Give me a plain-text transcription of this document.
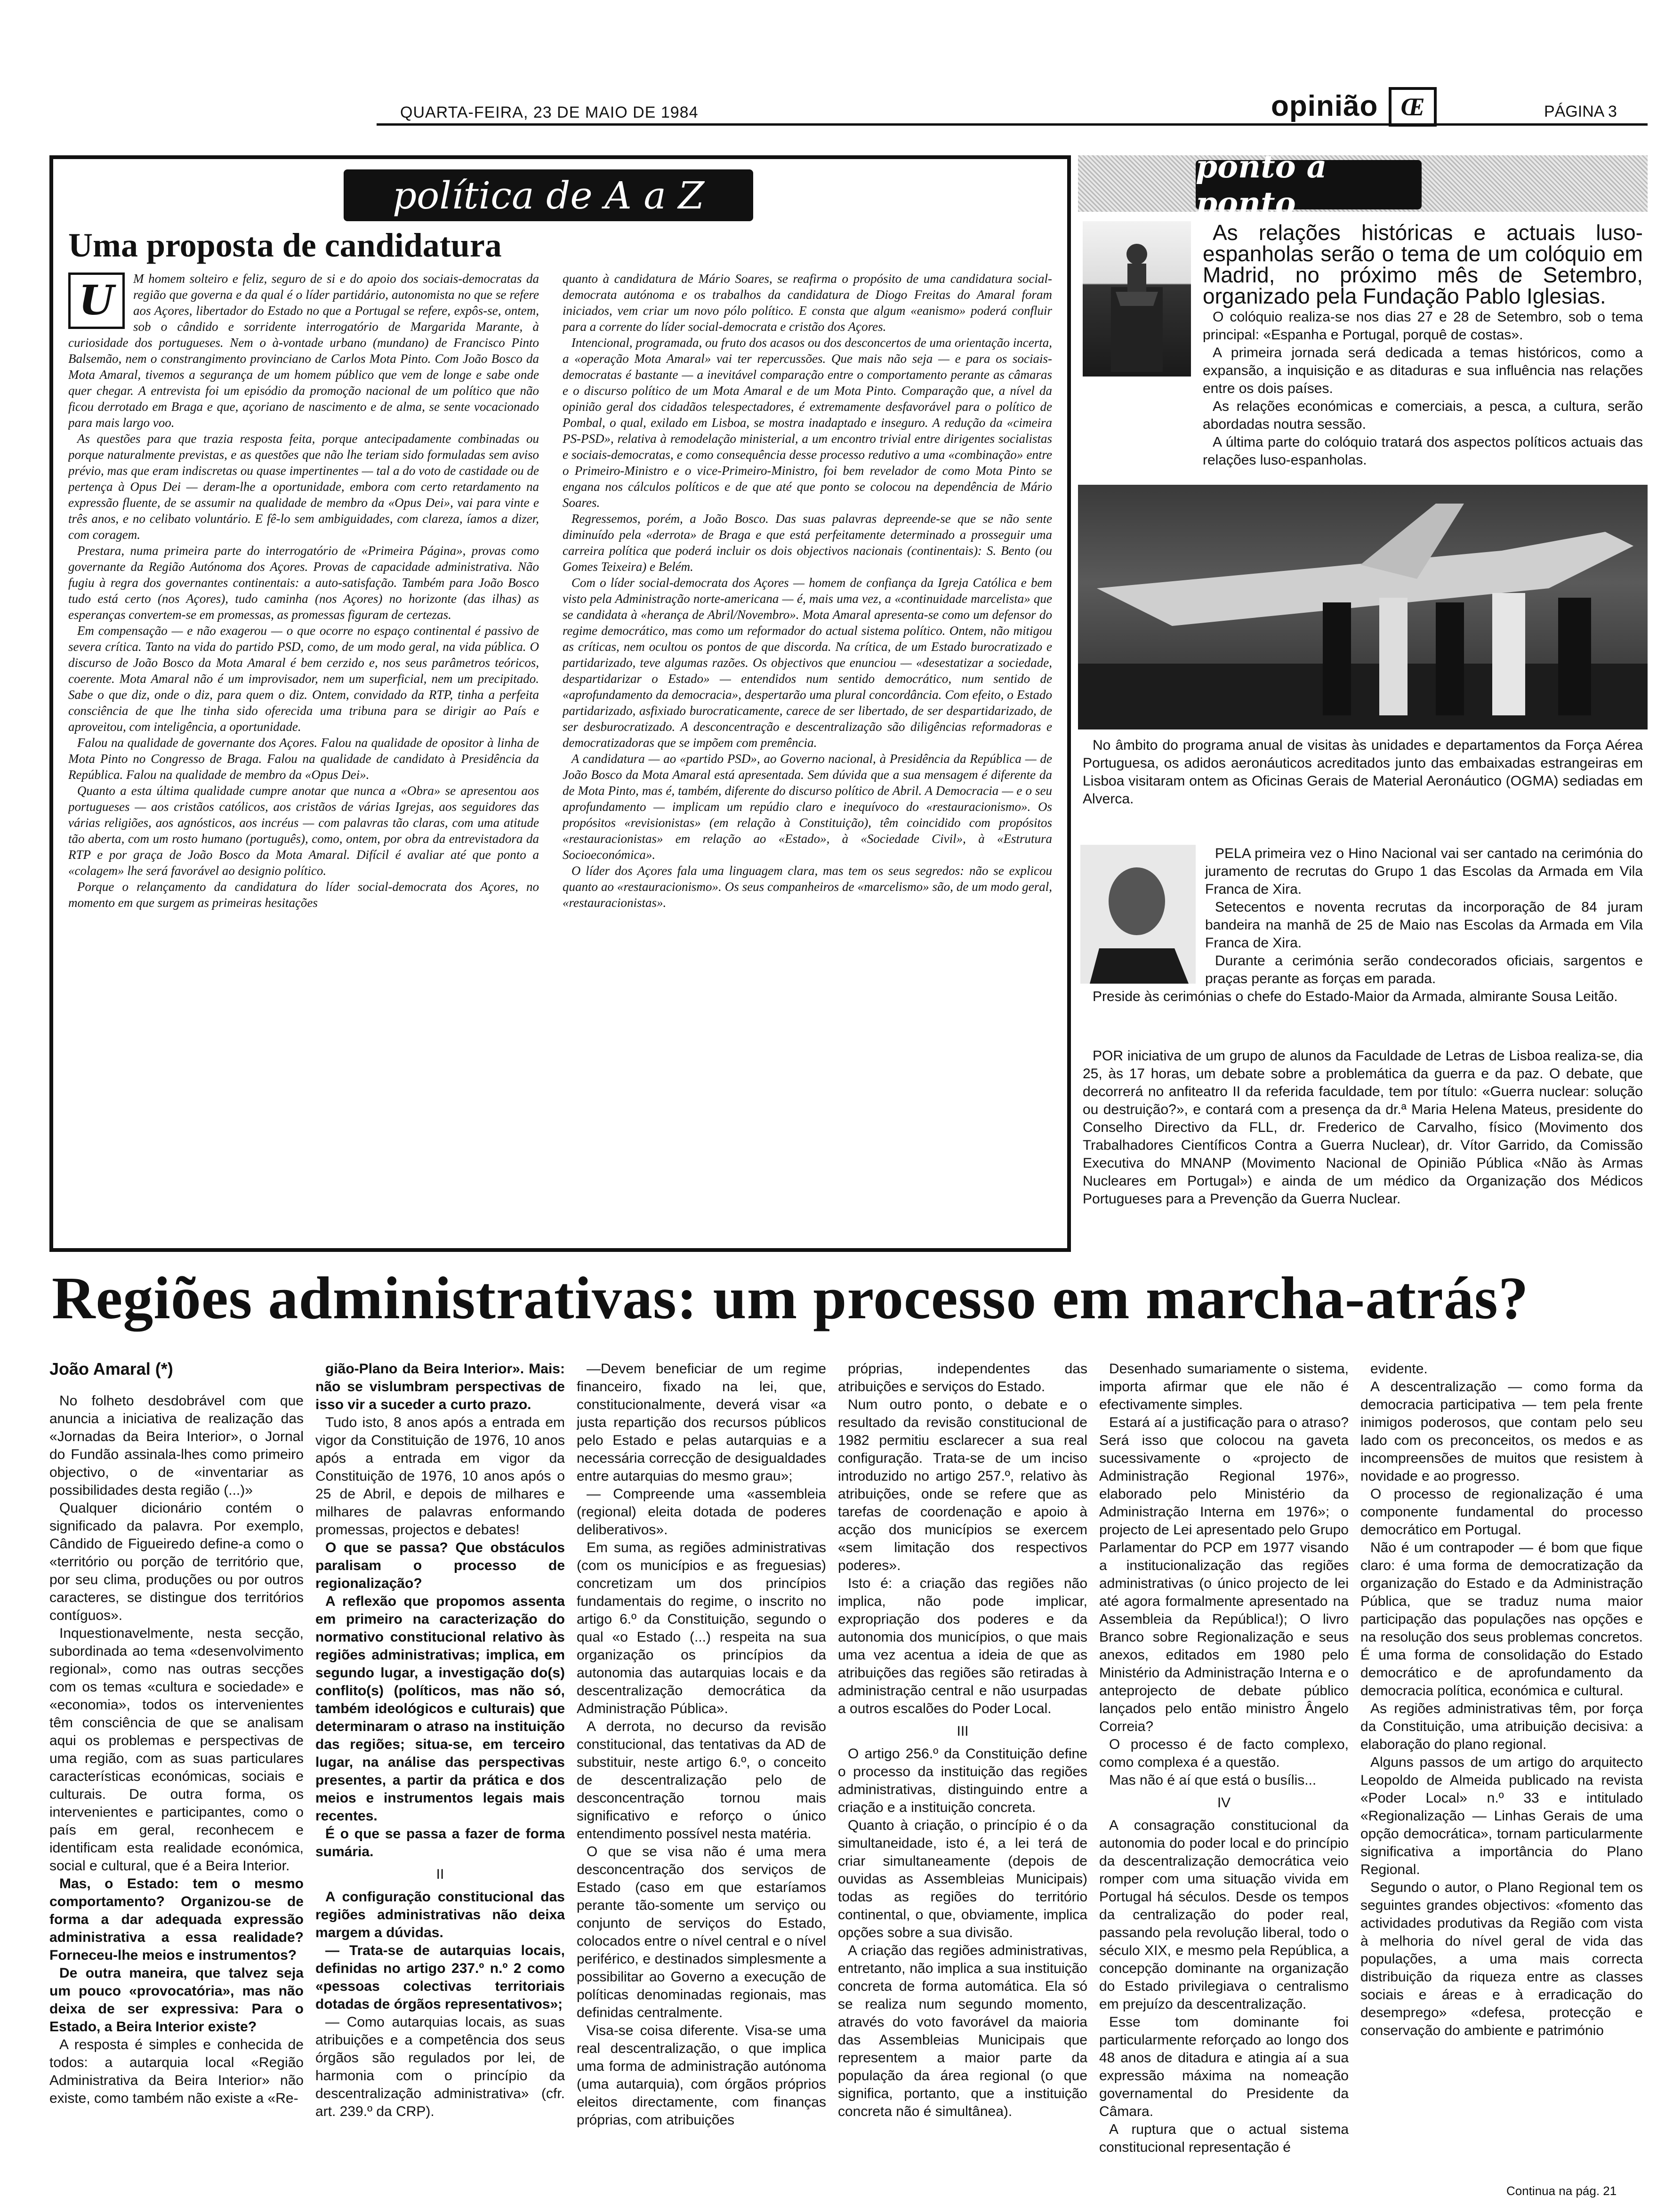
QUARTA-FEIRA, 23 DE MAIO DE 1984	opinião Œ	PÁGINA 3
política de A a Z
Uma proposta de candidatura
U	M homem solteiro e feliz, seguro de si e do apoio dos sociais-democratas da região que governa e da qual é o líder partidário, autonomista no que se refere aos Açores, libertador do Estado no que a Portugal se refere, expôs-se, ontem, sob o cândido e sorridente interrogatório de Margarida Marante, à curiosidade dos portugueses. Nem o à-vontade urbano (mundano) de Francisco Pinto Balsemão, nem o constrangimento provinciano de Carlos Mota Pinto. Com João Bosco da Mota Amaral, tivemos a segurança de um homem público que vem de longe e sabe onde quer chegar. A entrevista foi um episódio da promoção nacional de um político que não ficou derrotado em Braga e que, açoriano de nascimento e de alma, se sente vocacionado para mais largo voo.

As questões para que trazia resposta feita, porque antecipadamente combinadas ou porque naturalmente previstas, e as questões que não lhe teriam sido formuladas sem aviso prévio, mas que eram indiscretas ou quase impertinentes — tal a do voto de castidade ou de pertença à Opus Dei — deram-lhe a oportunidade, embora com certo retardamento na expressão fluente, de se assumir na qualidade de membro da «Opus Dei», vai para vinte e três anos, e no celibato voluntário. E fê-lo sem ambiguidades, com clareza, íamos a dizer, com coragem.

Prestara, numa primeira parte do interrogatório de «Primeira Página», provas como governante da Região Autónoma dos Açores. Provas de capacidade administrativa. Não fugiu à regra dos governantes continentais: a auto-satisfação. Também para João Bosco tudo está certo (nos Açores), tudo caminha (nos Açores) no horizonte (das ilhas) as esperanças convertem-se em promessas, as promessas figuram de certezas.

Em compensação — e não exagerou — o que ocorre no espaço continental é passivo de severa crítica. Tanto na vida do partido PSD, como, de um modo geral, na vida pública. O discurso de João Bosco da Mota Amaral é bem cerzido e, nos seus parâmetros teóricos, coerente. Mota Amaral não é um improvisador, nem um superficial, nem um precipitado. Sabe o que diz, onde o diz, para quem o diz. Ontem, convidado da RTP, tinha a perfeita consciência de que lhe tinha sido oferecida uma tribuna para se dirigir ao País e aproveitou, com inteligência, a oportunidade.

Falou na qualidade de governante dos Açores. Falou na qualidade de opositor à linha de Mota Pinto no Congresso de Braga. Falou na qualidade de candidato à Presidência da República. Falou na qualidade de membro da «Opus Dei».

Quanto a esta última qualidade cumpre anotar que nunca a «Obra» se apresentou aos portugueses — aos cristãos católicos, aos cristãos de várias Igrejas, aos seguidores das várias religiões, aos agnósticos, aos incréus — com palavras tão claras, com uma atitude tão aberta, com um rosto humano (português), como, ontem, por obra da entrevistadora da RTP e por graça de João Bosco da Mota Amaral. Difícil é avaliar até que ponto a «colagem» lhe será favorável ao designio político.

Porque o relançamento da candidatura do líder social-democrata dos Açores, no momento em que surgem as primeiras hesitações

quanto à candidatura de Mário Soares, se reafirma o propósito de uma candidatura social-democrata autónoma e os trabalhos da candidatura de Diogo Freitas do Amaral foram iniciados, vem criar um novo pólo político. E consta que algum «eanismo» poderá confluir para a corrente do líder social-democrata e cristão dos Açores.

Intencional, programada, ou fruto dos acasos ou dos desconcertos de uma orientação incerta, a «operação Mota Amaral» vai ter repercussões. Que mais não seja — e para os sociais-democratas é bastante — a inevitável comparação entre o comportamento perante as câmaras e o discurso político de um Mota Amaral e de um Mota Pinto. Comparação que, a nível da opinião geral dos cidadãos telespectadores, é extremamente desfavorável para o político de Pombal, o qual, exilado em Lisboa, se mostra inadaptado e inseguro. A redução da «cimeira PS-PSD», relativa à remodelação ministerial, a um encontro trivial entre dirigentes socialistas e sociais-democratas, e como consequência desse processo redutivo a uma «combinação» entre o Primeiro-Ministro e o vice-Primeiro-Ministro, foi bem revelador de como Mota Pinto se engana nos cálculos políticos e de que até que ponto se colocou na dependência de Mário Soares.

Regressemos, porém, a João Bosco. Das suas palavras depreende-se que se não sente diminuído pela «derrota» de Braga e que está perfeitamente determinado a prosseguir uma carreira política que poderá incluir os dois objectivos nacionais (continentais): S. Bento (ou Gomes Teixeira) e Belém.

Com o líder social-democrata dos Açores — homem de confiança da Igreja Católica e bem visto pela Administração norte-americana — é, mais uma vez, a «continuidade marcelista» que se candidata à «herança de Abril/Novembro». Mota Amaral apresenta-se como um defensor do regime democrático, mas como um reformador do actual sistema político. Ontem, não mitigou as críticas, nem ocultou os pontos de que discorda. Na crítica, de um Estado burocratizado e partidarizado, teve algumas razões. Os objectivos que enunciou — «desestatizar a sociedade, despartidarizar o Estado» — entendidos num sentido democrático, num sentido de «aprofundamento da democracia», despertarão uma plural concordância. Com efeito, o Estado partidarizado, asfixiado burocraticamente, carece de ser libertado, de ser despartidarizado, de ser desburocratizado. A desconcentração e descentralização são diligências reformadoras e democratizadoras que se impõem com premência.

A candidatura — ao «partido PSD», ao Governo nacional, à Presidência da República — de João Bosco da Mota Amaral está apresentada. Sem dúvida que a sua mensagem é diferente da de Mota Pinto, mas é, também, diferente do discurso político de Abril. A Democracia — e o seu aprofundamento — implicam um repúdio claro e inequívoco do «restauracionismo». Os propósitos «revisionistas» (em relação à Constituição), têm coincidido com propósitos «restauracionistas» em relação ao «Estado», à «Sociedade Civil», à «Estrutura Socioeconómica».

O líder dos Açores fala uma linguagem clara, mas tem os seus segredos: não se explicou quanto ao «restauracionismo». Os seus companheiros de «marcelismo» são, de um modo geral, «restauracionistas».

ponto a ponto

As relações históricas e actuais luso-espanholas serão o tema de um colóquio em Madrid, no próximo mês de Setembro, organizado pela Fundação Pablo Iglesias.

O colóquio realiza-se nos dias 27 e 28 de Setembro, sob o tema principal: «Espanha e Portugal, porquê de costas».

A primeira jornada será dedicada a temas históricos, como a expansão, a inquisição e as ditaduras e sua influência nas relações entre os dois países.

As relações económicas e comerciais, a pesca, a cultura, serão abordadas noutra sessão.

A última parte do colóquio tratará dos aspectos políticos actuais das relações luso-espanholas.

No âmbito do programa anual de visitas às unidades e departamentos da Força Aérea Portuguesa, os adidos aeronáuticos acreditados junto das embaixadas estrangeiras em Lisboa visitaram ontem as Oficinas Gerais de Material Aeronáutico (OGMA) sediadas em Alverca.

PELA primeira vez o Hino Nacional vai ser cantado na cerimónia do juramento de recrutas do Grupo 1 das Escolas da Armada em Vila Franca de Xira.

Setecentos e noventa recrutas da incorporação de 84 juram bandeira na manhã de 25 de Maio nas Escolas da Armada em Vila Franca de Xira.

Durante a cerimónia serão condecorados oficiais, sargentos e praças perante as forças em parada.

Preside às cerimónias o chefe do Estado-Maior da Armada, almirante Sousa Leitão.

POR iniciativa de um grupo de alunos da Faculdade de Letras de Lisboa realiza-se, dia 25, às 17 horas, um debate sobre a problemática da guerra e da paz. O debate, que decorrerá no anfiteatro II da referida faculdade, tem por título: «Guerra nuclear: solução ou destruição?», e contará com a presença da dr.ª Maria Helena Mateus, presidente do Conselho Directivo da FLL, dr. Frederico de Carvalho, físico (Movimento dos Trabalhadores Científicos Contra a Guerra Nuclear), dr. Vítor Garrido, da Comissão Executiva do MNANP (Movimento Nacional de Opinião Pública «Não às Armas Nucleares em Portugal») e ainda de um médico da Organização dos Médicos Portugueses para a Prevenção da Guerra Nuclear.

Regiões administrativas: um processo em marcha-atrás?
João Amaral (*)

No folheto desdobrável com que anuncia a iniciativa de realização das «Jornadas da Beira Interior», o Jornal do Fundão assinala-lhes como primeiro objectivo, o de «inventariar as possibilidades desta região (...)»

Qualquer dicionário contém o significado da palavra. Por exemplo, Cândido de Figueiredo define-a como o «território ou porção de território que, por seu clima, produções ou por outros caracteres, se distingue dos territórios contíguos».

Inquestionavelmente, nesta secção, subordinada ao tema «desenvolvimento regional», como nas outras secções com os temas «cultura e sociedade» e «economia», todos os intervenientes têm consciência de que se analisam aqui os problemas e perspectivas de uma região, com as suas particulares características económicas, sociais e culturais. De outra forma, os intervenientes e participantes, como o país em geral, reconhecem e identificam esta realidade económica, social e cultural, que é a Beira Interior.

Mas, o Estado: tem o mesmo comportamento? Organizou-se de forma a dar adequada expressão administrativa a essa realidade? Forneceu-lhe meios e instrumentos?

De outra maneira, que talvez seja um pouco «provocatória», mas não deixa de ser expressiva: Para o Estado, a Beira Interior existe?

A resposta é simples e conhecida de todos: a autarquia local «Região Administrativa da Beira Interior» não existe, como também não existe a «Re-

gião-Plano da Beira Interior». Mais: não se vislumbram perspectivas de isso vir a suceder a curto prazo.

Tudo isto, 8 anos após a entrada em vigor da Constituição de 1976, 10 anos após a entrada em vigor da Constituição de 1976, 10 anos após o 25 de Abril, e depois de milhares e milhares de palavras enformando promessas, projectos e debates!

O que se passa? Que obstáculos paralisam o processo de regionalização?

A reflexão que propomos assenta em primeiro na caracterização do normativo constitucional relativo às regiões administrativas; implica, em segundo lugar, a investigação do(s) conflito(s) (políticos, mas não só, também ideológicos e culturais) que determinaram o atraso na instituição das regiões; situa-se, em terceiro lugar, na análise das perspectivas presentes, a partir da prática e dos meios e instrumentos legais mais recentes.

É o que se passa a fazer de forma sumária.

II

A configuração constitucional das regiões administrativas não deixa margem a dúvidas.

— Trata-se de autarquias locais, definidas no artigo 237.º n.º 2 como «pessoas colectivas territoriais dotadas de órgãos representativos»;

— Como autarquias locais, as suas atribuições e a competência dos seus órgãos são regulados por lei, de harmonia com o princípio da descentralização administrativa» (cfr. art. 239.º da CRP).

—Devem beneficiar de um regime financeiro, fixado na lei, que, constitucionalmente, deverá visar «a justa repartição dos recursos públicos pelo Estado e pelas autarquias e a necessária correcção de desigualdades entre autarquias do mesmo grau»;

— Compreende uma «assembleia (regional) eleita dotada de poderes deliberativos».

Em suma, as regiões administrativas (com os municípios e as freguesias) concretizam um dos princípios fundamentais do regime, o inscrito no artigo 6.º da Constituição, segundo o qual «o Estado (...) respeita na sua organização os princípios da autonomia das autarquias locais e da descentralização democrática da Administração Pública».

A derrota, no decurso da revisão constitucional, das tentativas da AD de substituir, neste artigo 6.º, o conceito de descentralização pelo de desconcentração tornou mais significativo e reforço o único entendimento possível nesta matéria.

O que se visa não é uma mera desconcentração dos serviços de Estado (caso em que estaríamos perante tão-somente um serviço ou conjunto de serviços do Estado, colocados entre o nível central e o nível periférico, e destinados simplesmente a possibilitar ao Governo a execução de políticas denominadas regionais, mas definidas centralmente.

Visa-se coisa diferente. Visa-se uma real descentralização, o que implica uma forma de administração autónoma (uma autarquia), com órgãos próprios eleitos directamente, com finanças próprias, com atribuições

próprias, independentes das atribuições e serviços do Estado.

Num outro ponto, o debate e o resultado da revisão constitucional de 1982 permitiu esclarecer a sua real configuração. Trata-se de um inciso introduzido no artigo 257.º, relativo às atribuições, onde se refere que as tarefas de coordenação e apoio à acção dos municípios se exercem «sem limitação dos respectivos poderes».

Isto é: a criação das regiões não implica, não pode implicar, expropriação dos poderes e da autonomia dos municípios, o que mais uma vez acentua a ideia de que as atribuições das regiões são retiradas à administração central e não usurpadas a outros escalões do Poder Local.

III

O artigo 256.º da Constituição define o processo da instituição das regiões administrativas, distinguindo entre a criação e a instituição concreta.

Quanto à criação, o princípio é o da simultaneidade, isto é, a lei terá de criar simultaneamente (depois de ouvidas as Assembleias Municipais) todas as regiões do território continental, o que, obviamente, implica opções sobre a sua divisão.

A criação das regiões administrativas, entretanto, não implica a sua instituição concreta de forma automática. Ela só se realiza num segundo momento, através do voto favorável da maioria das Assembleias Municipais que representem a maior parte da população da área regional (o que significa, portanto, que a instituição concreta não é simultânea).

Desenhado sumariamente o sistema, importa afirmar que ele não é efectivamente simples.

Estará aí a justificação para o atraso? Será isso que colocou na gaveta sucessivamente o «projecto de Administração Regional 1976», elaborado pelo Ministério da Administração Interna em 1976»; o projecto de Lei apresentado pelo Grupo Parlamentar do PCP em 1977 visando a institucionalização das regiões administrativas (o único projecto de lei até agora formalmente apresentado na Assembleia da República!); O livro Branco sobre Regionalização e seus anexos, editados em 1980 pelo Ministério da Administração Interna e o anteprojecto de debate público lançados pelo então ministro Ângelo Correia?

O processo é de facto complexo, como complexa é a questão.

Mas não é aí que está o busílis...

IV

A consagração constitucional da autonomia do poder local e do princípio da descentralização democrática veio romper com uma situação vivida em Portugal há séculos. Desde os tempos da centralização do poder real, passando pela revolução liberal, todo o século XIX, e mesmo pela República, a concepção dominante na organização do Estado privilegiava o centralismo em prejuízo da descentralização.

Esse tom dominante foi particularmente reforçado ao longo dos 48 anos de ditadura e atingia aí a sua expressão máxima na nomeação governamental do Presidente da Câmara.

A ruptura que o actual sistema constitucional representação é

evidente.

A descentralização — como forma da democracia participativa — tem pela frente inimigos poderosos, que contam pelo seu lado com os preconceitos, os medos e as incompreensões de muitos que resistem à novidade e ao progresso.

O processo de regionalização é uma componente fundamental do processo democrático em Portugal.

Não é um contrapoder — é bom que fique claro: é uma forma de democratização da organização do Estado e da Administração Pública, que se traduz numa maior participação das populações nas opções e na resolução dos seus problemas concretos. É uma forma de consolidação do Estado democrático e de aprofundamento da democracia política, económica e cultural.

As regiões administrativas têm, por força da Constituição, uma atribuição decisiva: a elaboração do plano regional.

Alguns passos de um artigo do arquitecto Leopoldo de Almeida publicado na revista «Poder Local» n.º 33 e intitulado «Regionalização — Linhas Gerais de uma opção democrática», tornam particularmente significativa a importância do Plano Regional.

Segundo o autor, o Plano Regional tem os seguintes grandes objectivos: «fomento das actividades produtivas da Região com vista à melhoria do nível geral de vida das populações, a uma mais correcta distribuição da riqueza entre as classes sociais e áreas e à erradicação do desemprego» «defesa, protecção e conservação do ambiente e património

Continua na pág. 21
